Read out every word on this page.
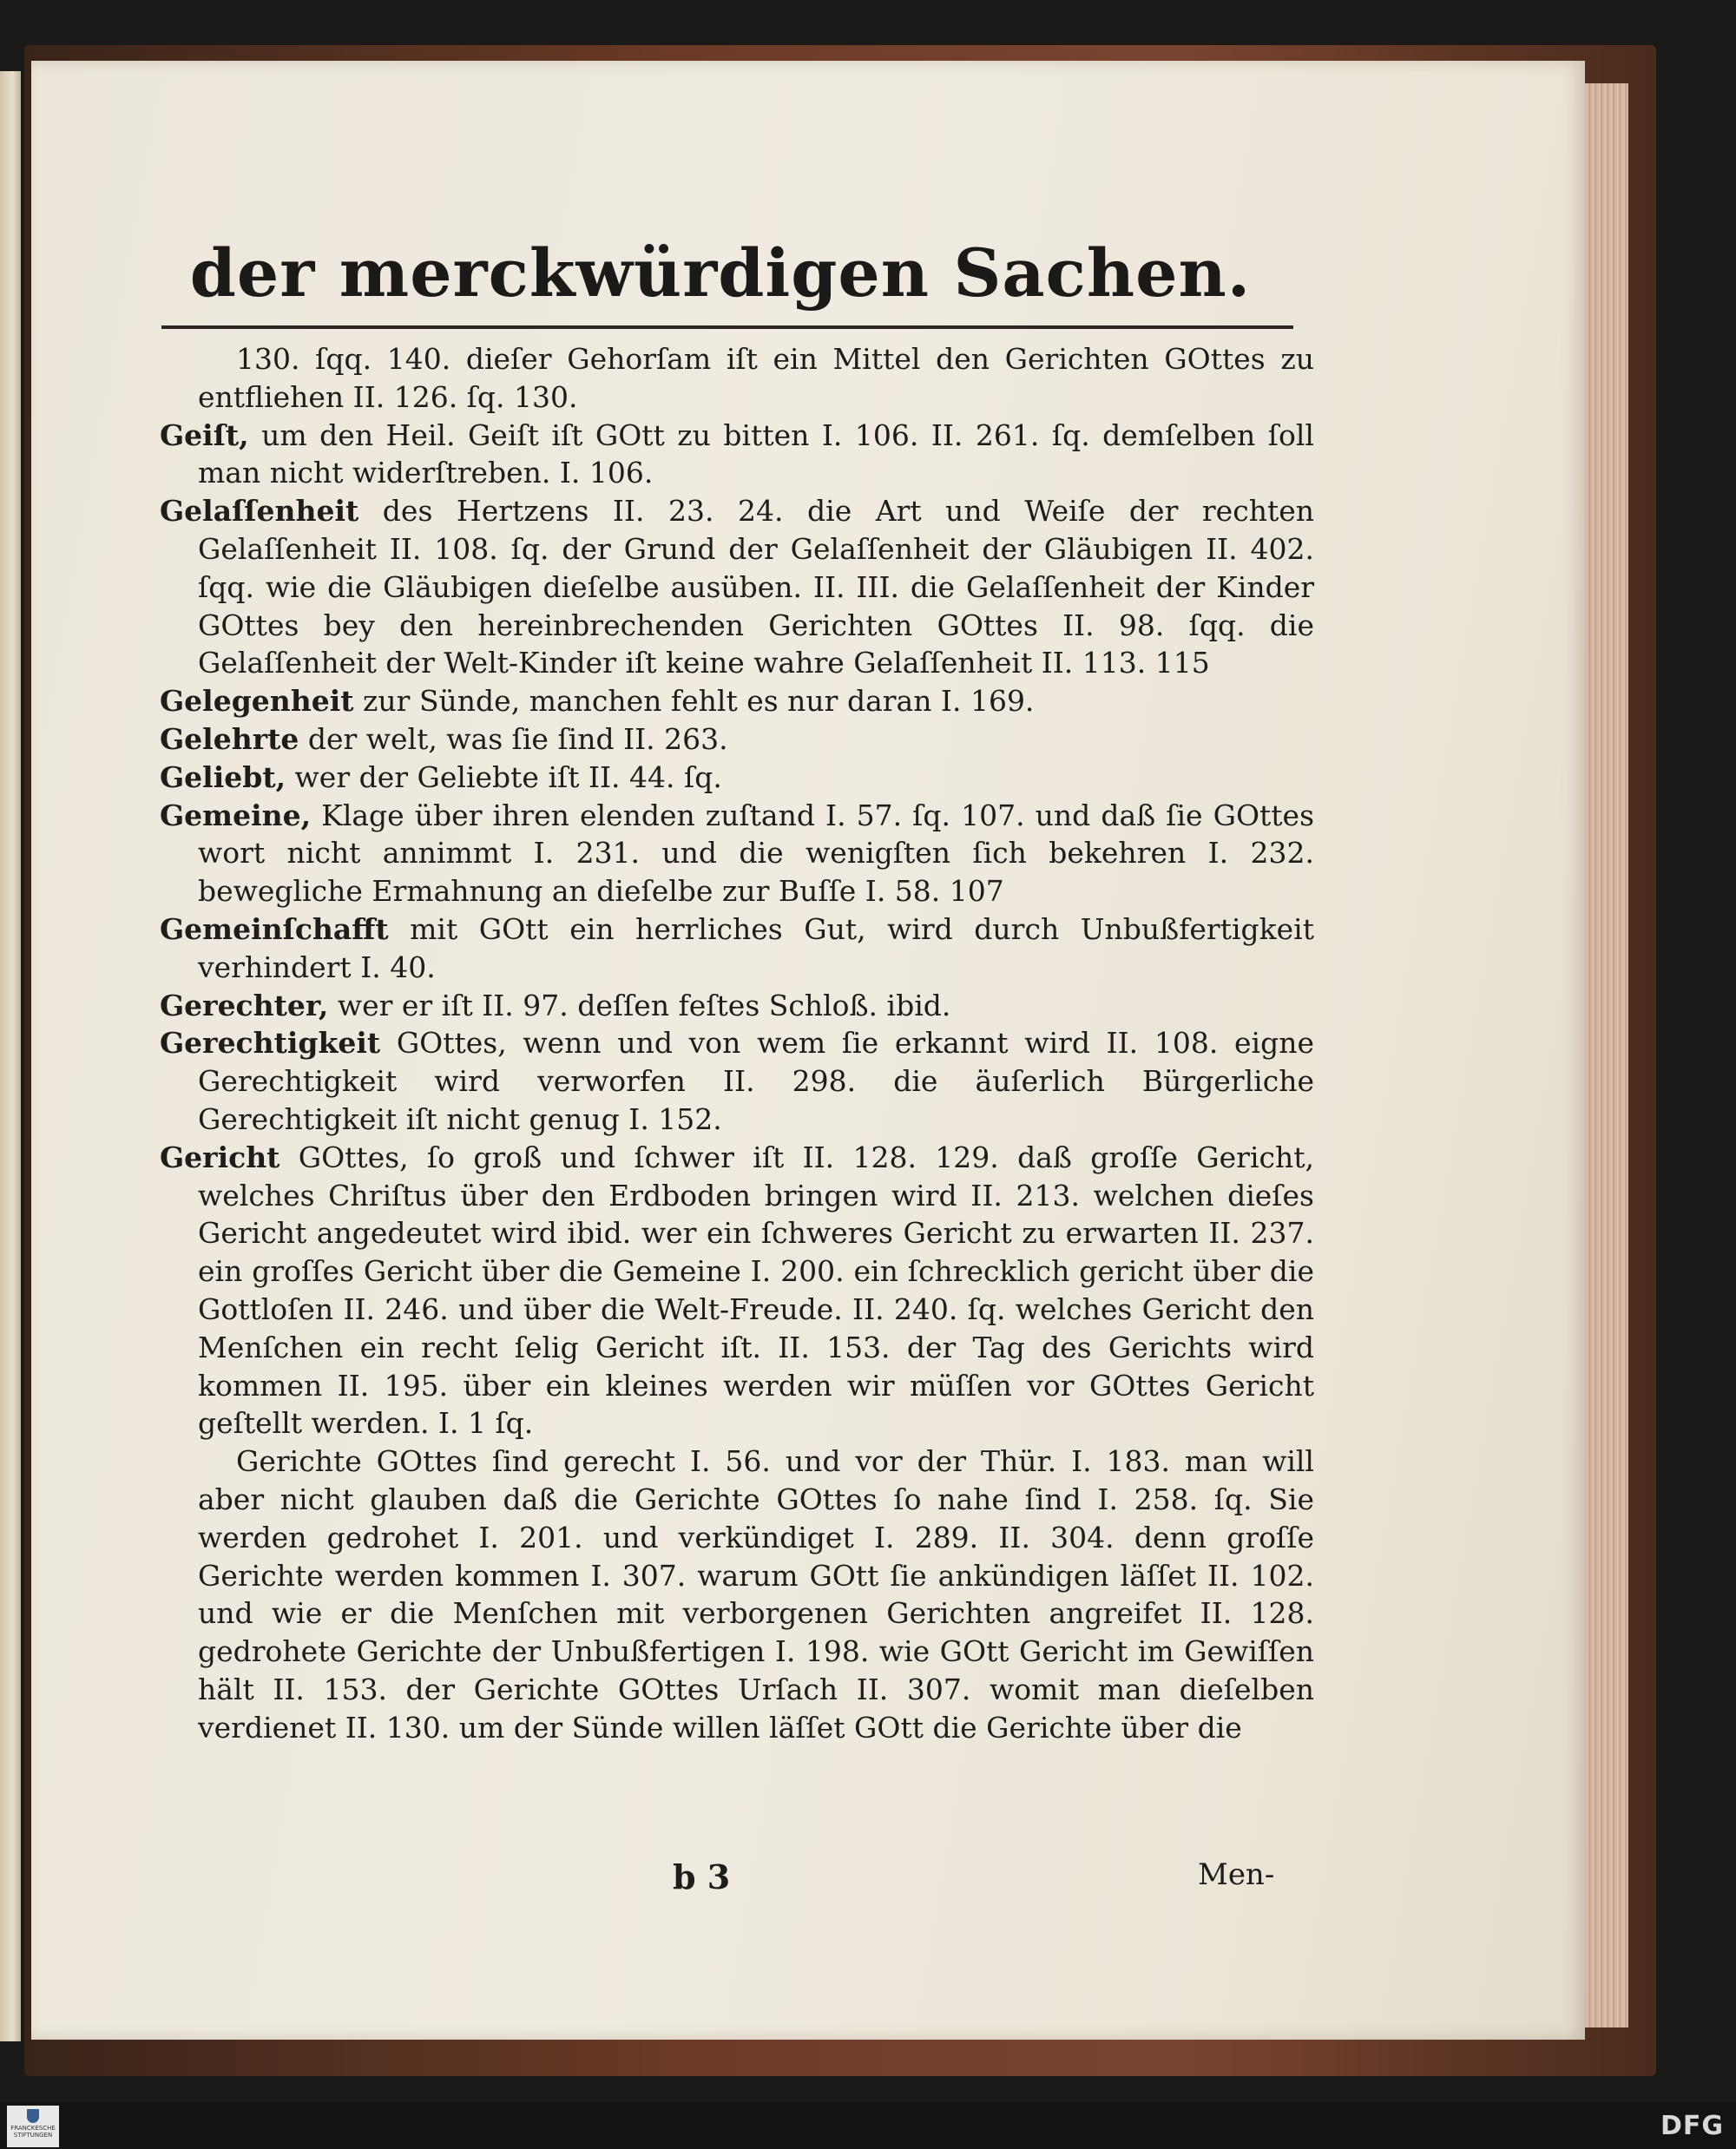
der merckwürdigen Sachen.

130. ſqq. 140. dieſer Gehorſam iſt ein Mittel den Gerichten GOttes zu entfliehen II. 126. ſq. 130.

Geiſt, um den Heil. Geiſt iſt GOtt zu bitten I. 106. II. 261. ſq. demſelben ſoll man nicht widerſtreben. I. 106.

Gelaſſenheit des Hertzens II. 23. 24. die Art und Weiſe der rechten Gelaſſenheit II. 108. ſq. der Grund der Gelaſſenheit der Gläubigen II. 402. ſqq. wie die Gläubigen dieſelbe ausüben. II. III. die Gelaſſenheit der Kinder GOttes bey den hereinbrechenden Gerichten GOttes II. 98. ſqq. die Gelaſſenheit der Welt-Kinder iſt keine wahre Gelaſſenheit II. 113. 115

Gelegenheit zur Sünde, manchen fehlt es nur daran I. 169.

Gelehrte der welt, was ſie ſind II. 263.

Geliebt, wer der Geliebte iſt II. 44. ſq.

Gemeine, Klage über ihren elenden zuſtand I. 57. ſq. 107. und daß ſie GOttes wort nicht annimmt I. 231. und die wenigſten ſich bekehren I. 232. bewegliche Ermahnung an dieſelbe zur Buſſe I. 58. 107

Gemeinſchafft mit GOtt ein herrliches Gut, wird durch Unbußfertigkeit verhindert I. 40.

Gerechter, wer er iſt II. 97. deſſen feſtes Schloß. ibid.

Gerechtigkeit GOttes, wenn und von wem ſie erkannt wird II. 108. eigne Gerechtigkeit wird verworfen II. 298. die äuſerlich Bürgerliche Gerechtigkeit iſt nicht genug I. 152.

Gericht GOttes, ſo groß und ſchwer iſt II. 128. 129. daß groſſe Gericht, welches Chriſtus über den Erdboden bringen wird II. 213. welchen dieſes Gericht angedeutet wird ibid. wer ein ſchweres Gericht zu erwarten II. 237. ein groſſes Gericht über die Gemeine I. 200. ein ſchrecklich gericht über die Gottloſen II. 246. und über die Welt-Freude. II. 240. ſq. welches Gericht den Menſchen ein recht ſelig Gericht iſt. II. 153. der Tag des Gerichts wird kommen II. 195. über ein kleines werden wir müſſen vor GOttes Gericht geſtellt werden. I. 1 ſq.

Gerichte GOttes ſind gerecht I. 56. und vor der Thür. I. 183. man will aber nicht glauben daß die Gerichte GOttes ſo nahe ſind I. 258. ſq. Sie werden gedrohet I. 201. und verkündiget I. 289. II. 304. denn groſſe Gerichte werden kommen I. 307. warum GOtt ſie ankündigen läſſet II. 102. und wie er die Menſchen mit verborgenen Gerichten angreifet II. 128. gedrohete Gerichte der Unbußfertigen I. 198. wie GOtt Gericht im Gewiſſen hält II. 153. der Gerichte GOttes Urſach II. 307. womit man dieſelben verdienet II. 130. um der Sünde willen läſſet GOtt die Gerichte über die

b 3	Men-
FRANCKESCHE STIFTUNGEN	DFG
